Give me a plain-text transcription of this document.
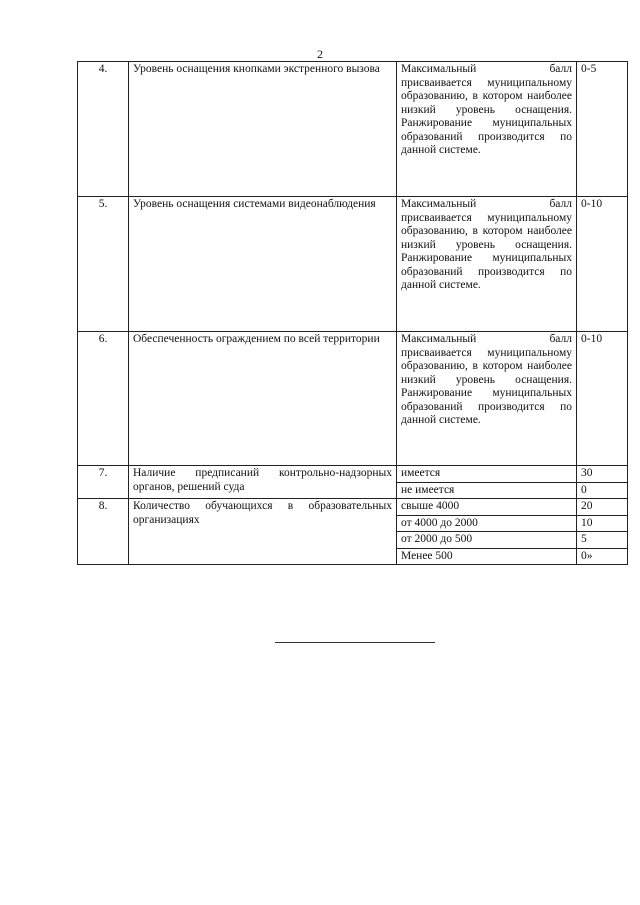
2
4.	Уровень оснащения кнопками экстренного вызова	Максимальный балл присваивается муниципальному образованию, в котором наиболее низкий уровень оснащения. Ранжирование муниципальных образований производится по данной системе.	0-5
5.	Уровень оснащения системами видеонаблюдения	Максимальный балл присваивается муниципальному образованию, в котором наиболее низкий уровень оснащения. Ранжирование муниципальных образований производится по данной системе.	0-10
6.	Обеспеченность ограждением по всей территории	Максимальный балл присваивается муниципальному образованию, в котором наиболее низкий уровень оснащения. Ранжирование муниципальных образований производится по данной системе.	0-10
7.	Наличие предписаний контрольно-надзорных органов, решений суда	имеется	30
		не имеется	0
8.	Количество обучающихся в образовательных организациях	свыше 4000	20
		от 4000 до 2000	10
		от 2000 до 500	5
		Менее 500	0»
